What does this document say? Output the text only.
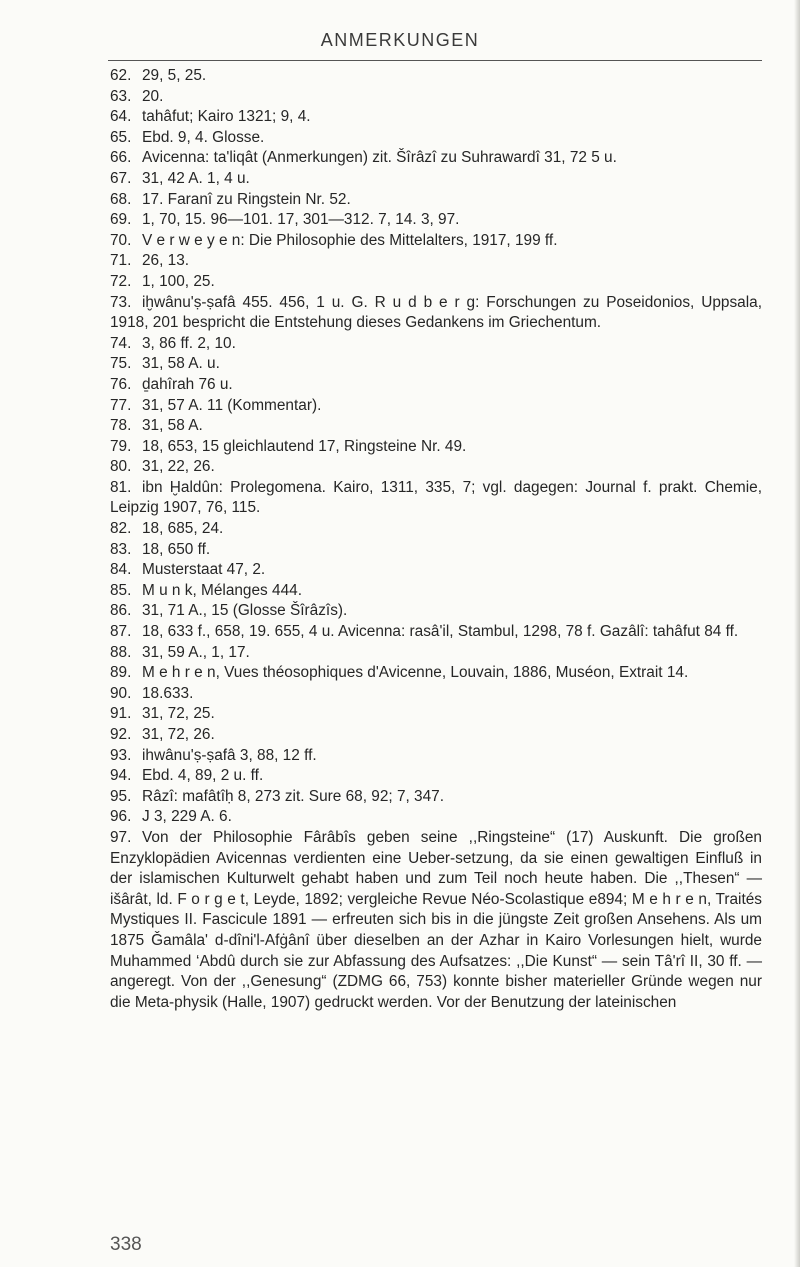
ANMERKUNGEN
62. 29, 5, 25.
63. 20.
64. tahâfut; Kairo 1321; 9, 4.
65. Ebd. 9, 4. Glosse.
66. Avicenna: ta'liqât (Anmerkungen) zit. Šîrâzî zu Suhrawardî 31, 72 5 u.
67. 31, 42 A. 1, 4 u.
68. 17. Faranî zu Ringstein Nr. 52.
69. 1, 70, 15. 96—101. 17, 301—312. 7, 14. 3, 97.
70. V e r w e y e n: Die Philosophie des Mittelalters, 1917, 199 ff.
71. 26, 13.
72. 1, 100, 25.
73. iḫwânu'ṣ-ṣafâ 455. 456, 1 u. G. R u d b e r g: Forschungen zu Poseidonios, Uppsala, 1918, 201 bespricht die Entstehung dieses Gedankens im Griechentum.
74. 3, 86 ff. 2, 10.
75. 31, 58 A. u.
76. ḏahîrah 76 u.
77. 31, 57 A. 11 (Kommentar).
78. 31, 58 A.
79. 18, 653, 15 gleichlautend 17, Ringsteine Nr. 49.
80. 31, 22, 26.
81. ibn Ḫaldûn: Prolegomena. Kairo, 1311, 335, 7; vgl. dagegen: Journal f. prakt. Chemie, Leipzig 1907, 76, 115.
82. 18, 685, 24.
83. 18, 650 ff.
84. Musterstaat 47, 2.
85. M u n k, Mélanges 444.
86. 31, 71 A., 15 (Glosse Šîrâzîs).
87. 18, 633 f., 658, 19. 655, 4 u. Avicenna: rasâ'il, Stambul, 1298, 78 f. Gazâlî: tahâfut 84 ff.
88. 31, 59 A., 1, 17.
89. M e h r e n, Vues théosophiques d'Avicenne, Louvain, 1886, Muséon, Extrait 14.
90. 18.633.
91. 31, 72, 25.
92. 31, 72, 26.
93. ihwânu'ṣ-ṣafâ 3, 88, 12 ff.
94. Ebd. 4, 89, 2 u. ff.
95. Râzî: mafâtîḥ 8, 273 zit. Sure 68, 92; 7, 347.
96. J 3, 229 A. 6.
97. Von der Philosophie Fârâbîs geben seine ,,Ringsteine“ (17) Auskunft. Die großen Enzyklopädien Avicennas verdienten eine Ueber-setzung, da sie einen gewaltigen Einfluß in der islamischen Kulturwelt gehabt haben und zum Teil noch heute haben. Die ,,Thesen“ — išârât, ld. F o r g e t, Leyde, 1892; vergleiche Revue Néo-Scolastique e894; M e h r e n, Traités Mystiques II. Fascicule 1891 — erfreuten sich bis in die jüngste Zeit großen Ansehens. Als um 1875 Ǧamâla' d-dîni'l-Afġânî über dieselben an der Azhar in Kairo Vorlesungen hielt, wurde Muhammed ‘Abdû durch sie zur Abfassung des Aufsatzes: ,,Die Kunst“ — sein Tâ'rî II, 30 ff. — angeregt. Von der ,,Genesung“ (ZDMG 66, 753) konnte bisher materieller Gründe wegen nur die Meta-physik (Halle, 1907) gedruckt werden. Vor der Benutzung der lateinischen
338
